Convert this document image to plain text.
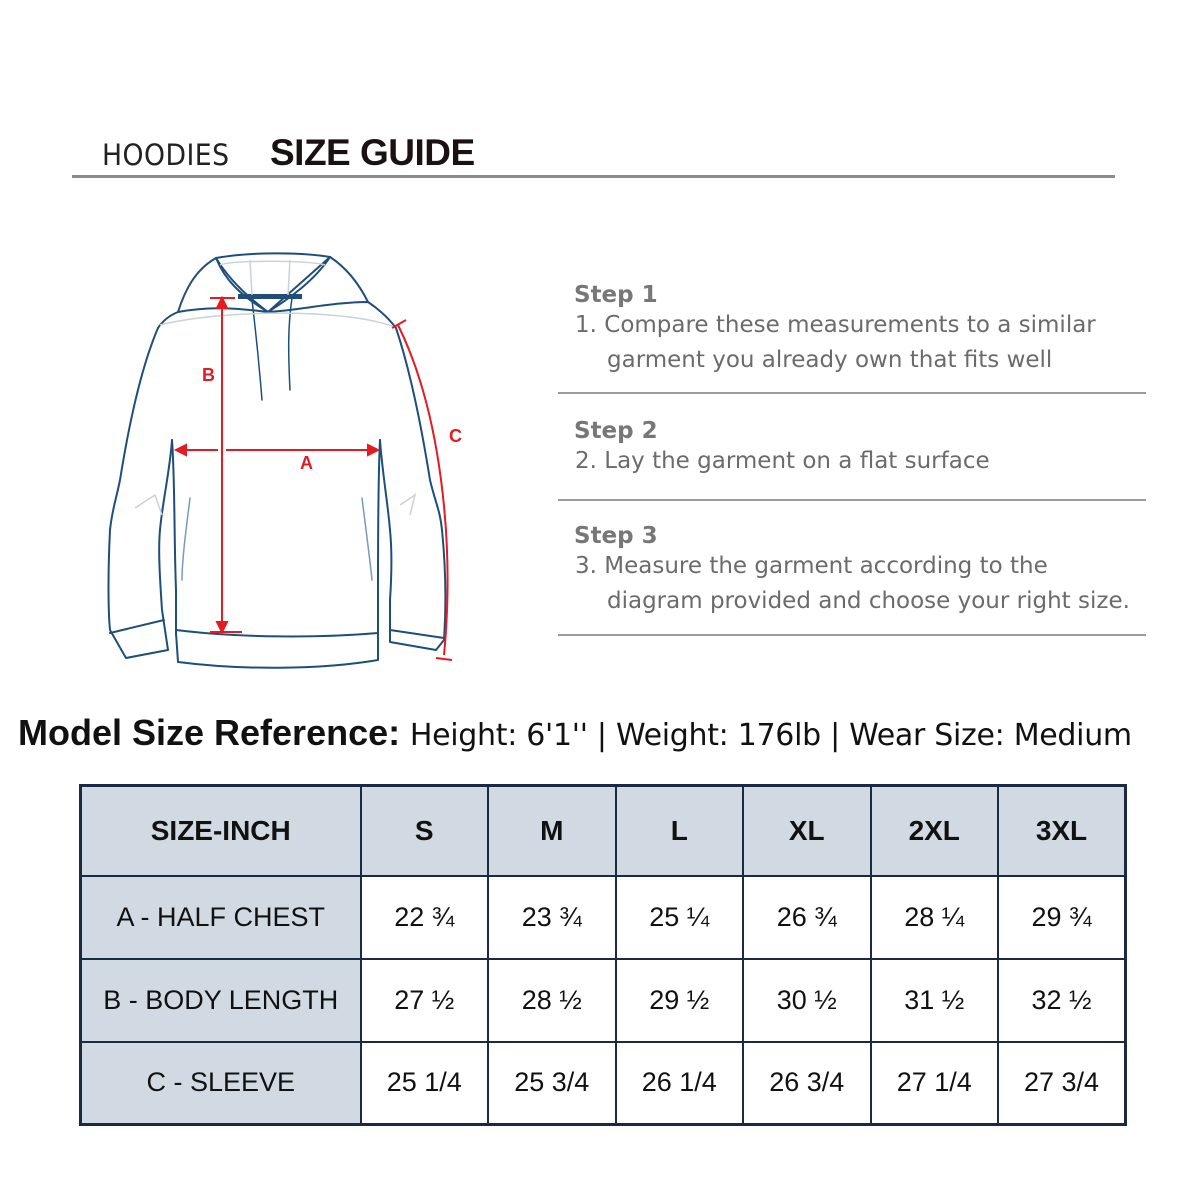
HOODIES SIZE GUIDE
B
A
C
Step 1
1. Compare these measurements to a similar
garment you already own that fits well
Step 2
2. Lay the garment on a flat surface
Step 3
3. Measure the garment according to the
diagram provided and choose your right size.
Model Size Reference: Height: 6'1'' | Weight: 176lb | Wear Size: Medium
SIZE-INCH	S	M	L	XL	2XL	3XL
A - HALF CHEST	22 ¾	23 ¾	25 ¼	26 ¾	28 ¼	29 ¾
B - BODY LENGTH	27 ½	28 ½	29 ½	30 ½	31 ½	32 ½
C - SLEEVE	25 1/4	25 3/4	26 1/4	26 3/4	27 1/4	27 3/4
